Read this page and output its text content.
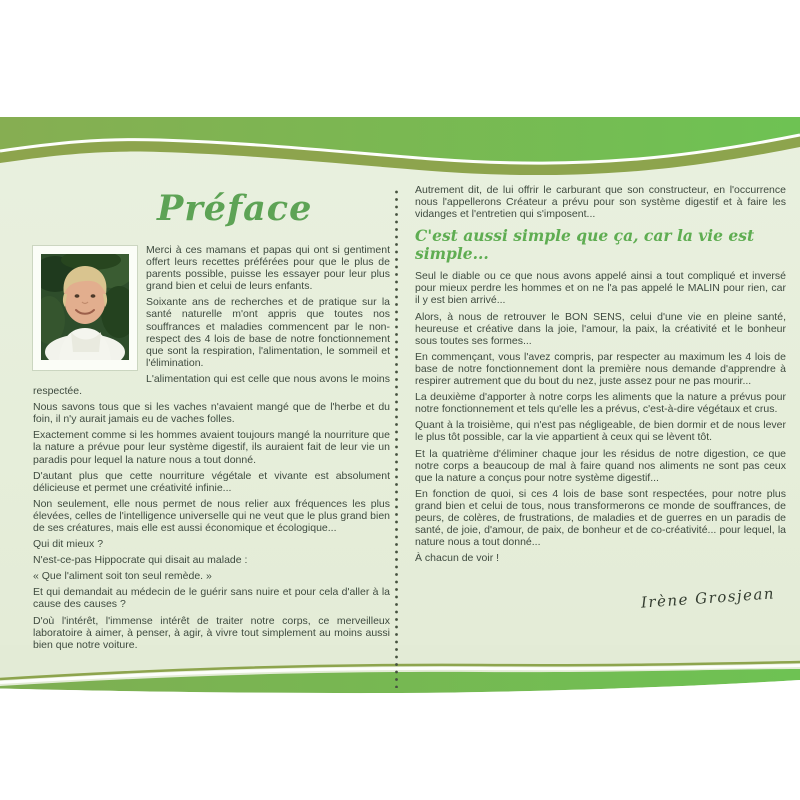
Préface

Merci à ces mamans et papas qui ont si gentiment offert leurs recettes préférées pour que le plus de parents possible, puisse les essayer pour leur plus grand bien et celui de leurs enfants.

Soixante ans de recherches et de pratique sur la santé naturelle m'ont appris que toutes nos souffrances et maladies commencent par le non-respect des 4 lois de base de notre fonctionnement que sont la respiration, l'alimentation, le sommeil et l'élimination.

L'alimentation qui est celle que nous avons le moins respectée.

Nous savons tous que si les vaches n'avaient mangé que de l'herbe et du foin, il n'y aurait jamais eu de vaches folles.

Exactement comme si les hommes avaient toujours mangé la nourriture que la nature a prévue pour leur système digestif, ils auraient fait de leur vie un paradis pour lequel la nature nous a tout donné.

D'autant plus que cette nourriture végétale et vivante est absolument délicieuse et permet une créativité infinie...

Non seulement, elle nous permet de nous relier aux fréquences les plus élevées, celles de l'intelligence universelle qui ne veut que le plus grand bien de ses créatures, mais elle est aussi économique et écologique...

Qui dit mieux ?

N'est-ce-pas Hippocrate qui disait au malade :

« Que l'aliment soit ton seul remède. »

Et qui demandait au médecin de le guérir sans nuire et pour cela d'aller à la cause des causes ?

D'où l'intérêt, l'immense intérêt de traiter notre corps, ce merveilleux laboratoire à aimer, à penser, à agir, à vivre tout simplement au moins aussi bien que notre voiture.

Autrement dit, de lui offrir le carburant que son constructeur, en l'occurrence nous l'appellerons Créateur a prévu pour son système digestif et à faire les vidanges et l'entretien qui s'imposent...

C'est aussi simple que ça, car la vie est simple...

Seul le diable ou ce que nous avons appelé ainsi a tout compliqué et inversé pour mieux perdre les hommes et on ne l'a pas appelé le MALIN pour rien, car il y est bien arrivé...

Alors, à nous de retrouver le BON SENS, celui d'une vie en pleine santé, heureuse et créative dans la joie, l'amour, la paix, la créativité et le bonheur sous toutes ses formes...

En commençant, vous l'avez compris, par respecter au maximum les 4 lois de base de notre fonctionnement dont la première nous demande d'apprendre à respirer autrement que du bout du nez, juste assez pour ne pas mourir...

La deuxième d'apporter à notre corps les aliments que la nature a prévus pour notre fonctionnement et tels qu'elle les a prévus, c'est-à-dire végétaux et crus.

Quant à la troisième, qui n'est pas négligeable, de bien dormir et de nous lever le plus tôt possible, car la vie appartient à ceux qui se lèvent tôt.

Et la quatrième d'éliminer chaque jour les résidus de notre digestion, ce que notre corps a beaucoup de mal à faire quand nos aliments ne sont pas ceux que la nature a conçus pour notre système digestif...

En fonction de quoi, si ces 4 lois de base sont respectées, pour notre plus grand bien et celui de tous, nous transformerons ce monde de souffrances, de peurs, de colères, de frustrations, de maladies et de guerres en un paradis de santé, de joie, d'amour, de paix, de bonheur et de co-créativité... pour lequel, la nature nous a tout donné...

À chacun de voir !

Irène Grosjean
